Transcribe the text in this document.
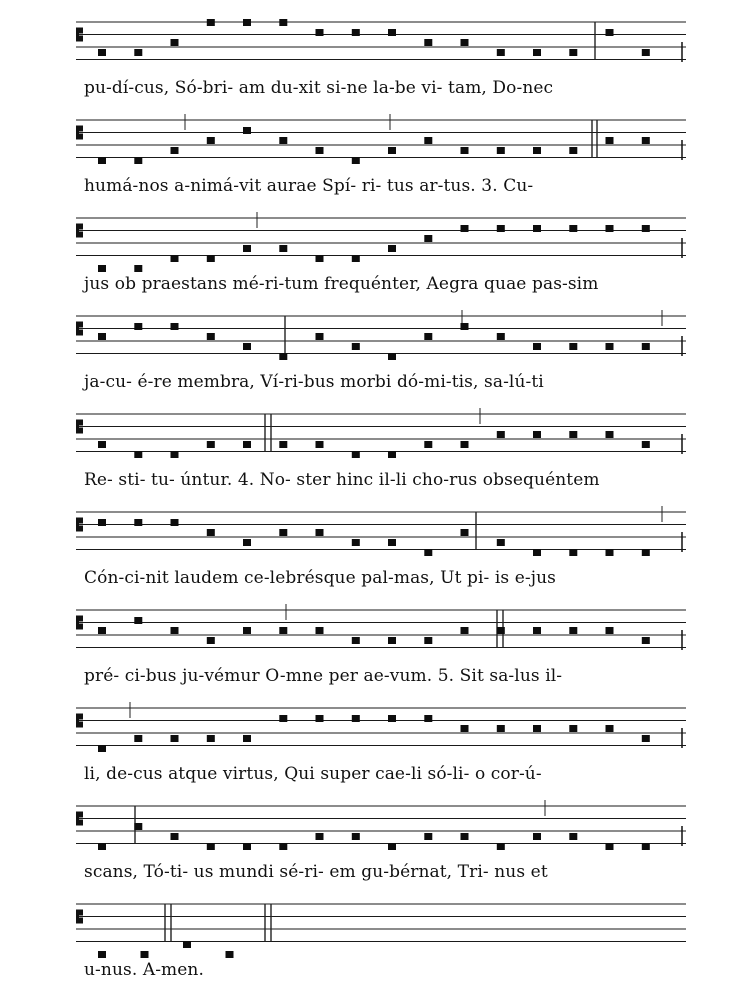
pu-dí-cus, Só-bri- am du-xit si-ne la-be vi- tam, Do-nec
humá-nos a-nimá-vit aurae Spí- ri- tus ar-tus. 3. Cu-
jus ob praestans mé-ri-tum frequénter, Aegra quae pas-sim
ja-cu- é-re membra, Ví-ri-bus morbi dó-mi-tis, sa-lú-ti
Re- sti- tu- úntur. 4. No- ster hinc il-li cho-rus obsequéntem
Cón-ci-nit laudem ce-lebrésque pal-mas, Ut pi- is e-jus
pré- ci-bus ju-vémur O-mne per ae-vum. 5. Sit sa-lus il-
li, de-cus atque virtus, Qui super cae-li só-li- o cor-ú-
scans, Tó-ti- us mundi sé-ri- em gu-bérnat, Tri- nus et
u-nus. A-men.
